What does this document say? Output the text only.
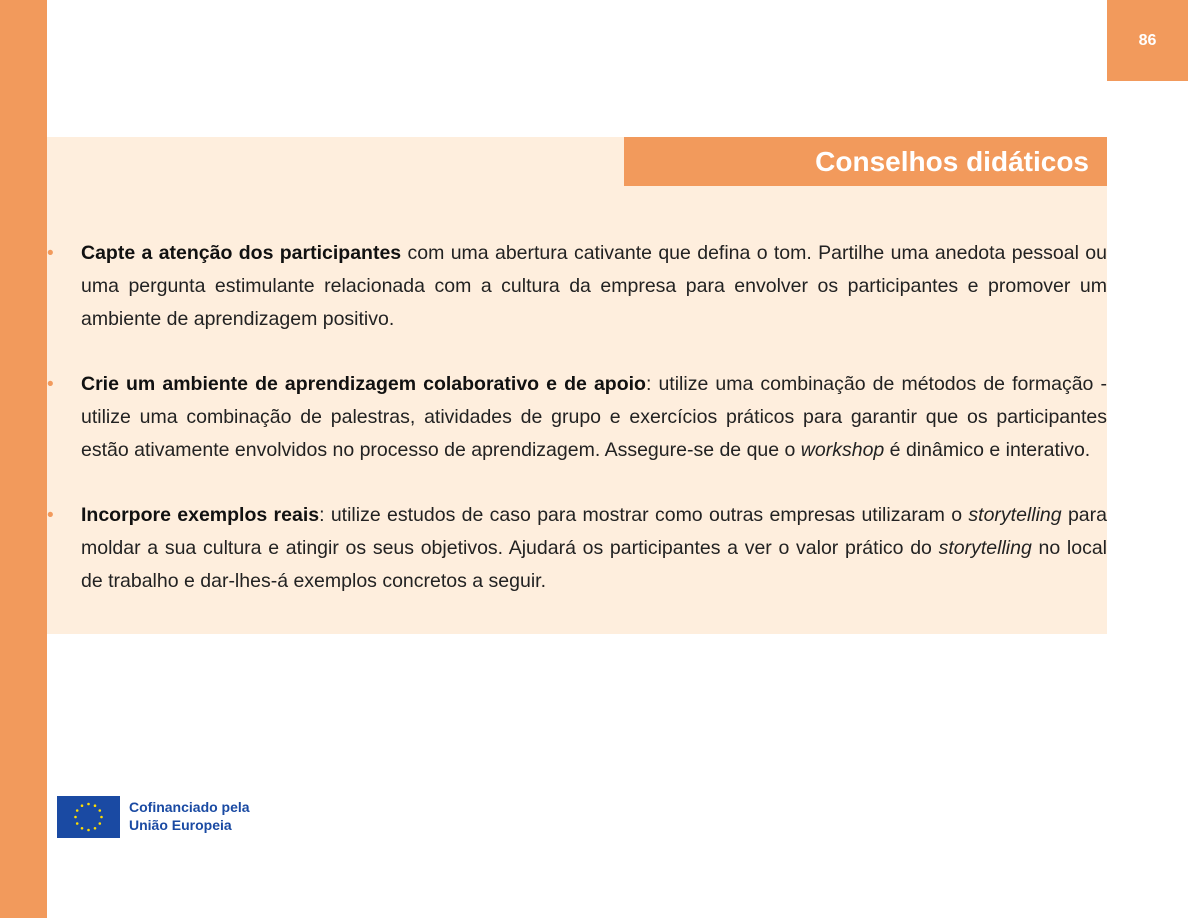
86
Conselhos didáticos
• Capte a atenção dos participantes com uma abertura cativante que defina o tom. Partilhe uma anedota pessoal ou uma pergunta estimulante relacionada com a cultura da empresa para envolver os participantes e promover um ambiente de aprendizagem positivo.
• Crie um ambiente de aprendizagem colaborativo e de apoio: utilize uma combinação de métodos de formação - utilize uma combinação de palestras, atividades de grupo e exercícios práticos para garantir que os participantes estão ativamente envolvidos no processo de aprendizagem. Assegure-se de que o workshop é dinâmico e interativo.
• Incorpore exemplos reais: utilize estudos de caso para mostrar como outras empresas utilizaram o storytelling para moldar a sua cultura e atingir os seus objetivos. Ajudará os participantes a ver o valor prático do storytelling no local de trabalho e dar-lhes-á exemplos concretos a seguir.
Cofinanciado pela
União Europeia
